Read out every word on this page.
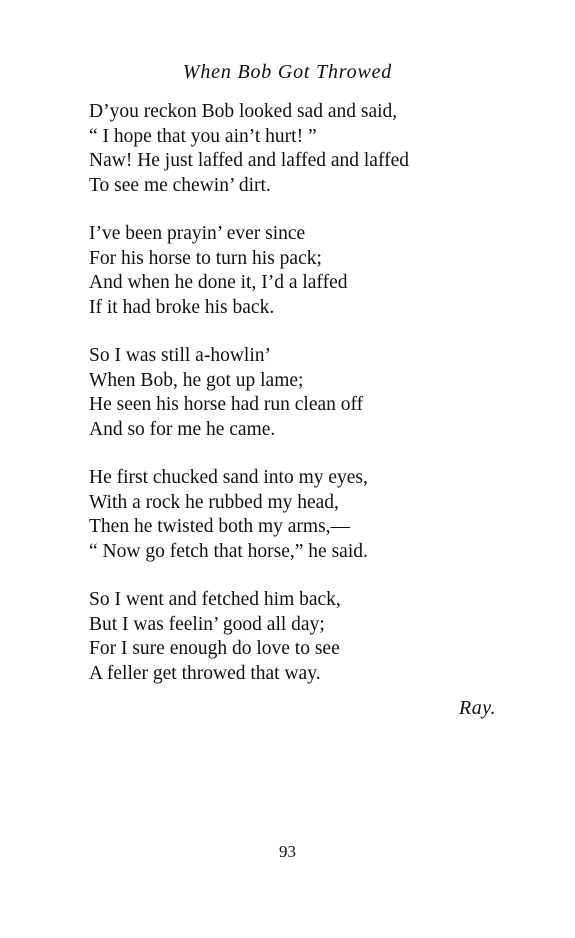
When Bob Got Throwed
D’you reckon Bob looked sad and said,
“ I hope that you ain’t hurt! ”
Naw! He just laffed and laffed and laffed
To see me chewin’ dirt.
I’ve been prayin’ ever since
For his horse to turn his pack;
And when he done it, I’d a laffed
If it had broke his back.
So I was still a-howlin’
When Bob, he got up lame;
He seen his horse had run clean off
And so for me he came.
He first chucked sand into my eyes,
With a rock he rubbed my head,
Then he twisted both my arms,—
“ Now go fetch that horse,” he said.
So I went and fetched him back,
But I was feelin’ good all day;
For I sure enough do love to see
A feller get throwed that way.
Ray.
93
